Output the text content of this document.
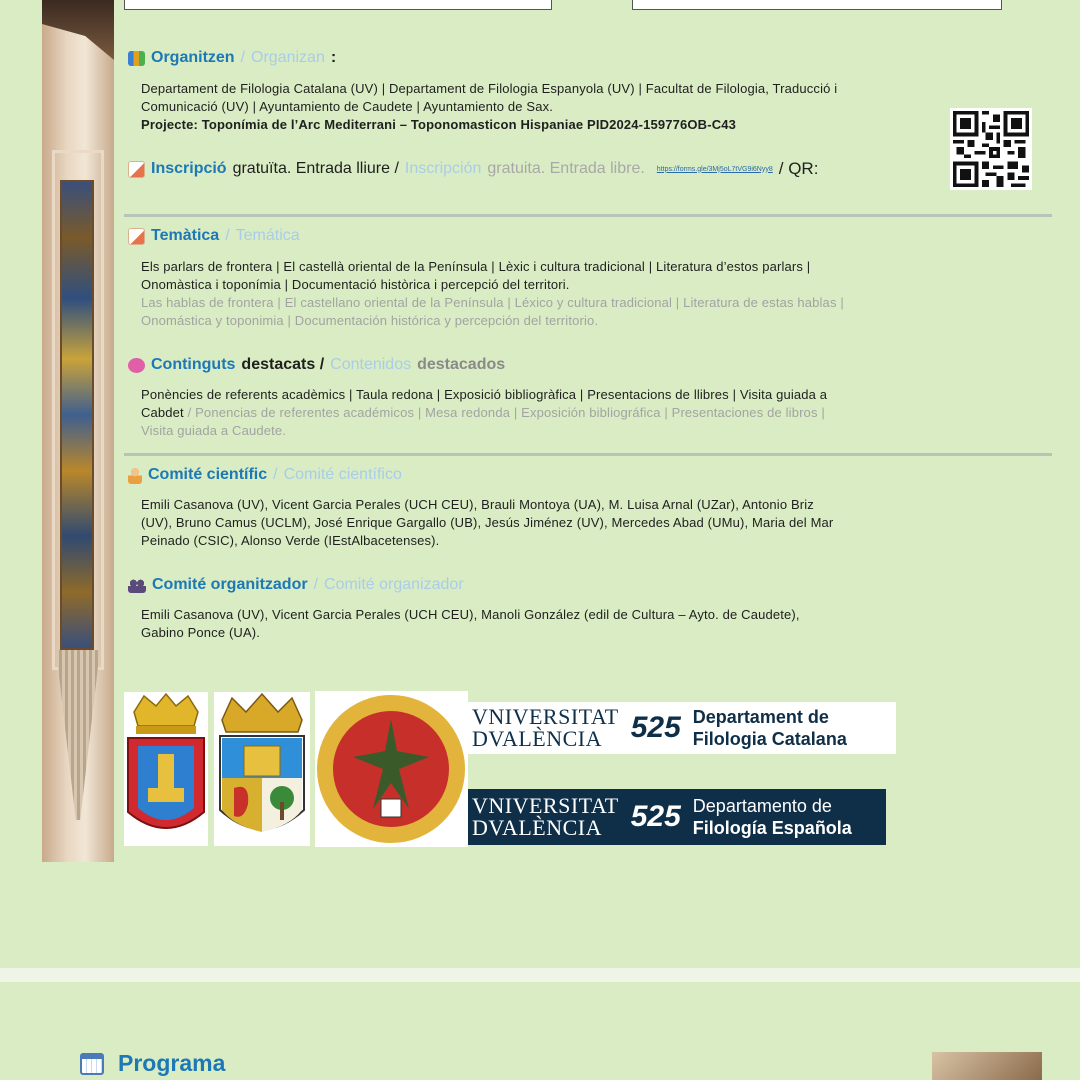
Organitzen / Organizan :
Departament de Filologia Catalana (UV) | Departament de Filologia Espanyola (UV) | Facultat de Filologia, Traducció i
Comunicació (UV) | Ayuntamiento de Caudete | Ayuntamiento de Sax.
Projecte: Toponímia de l’Arc Mediterrani – Toponomasticon Hispaniae PID2024-159776OB-C43
Inscripció gratuïta. Entrada lliure / Inscripción gratuita. Entrada libre. https://forms.gle/3Mj5oL7tVG9i6Nyy8 / QR:
Temàtica / Temática
Els parlars de frontera | El castellà oriental de la Península | Lèxic i cultura tradicional | Literatura d’estos parlars |
Onomàstica i toponímia | Documentació històrica i percepció del territori.
Las hablas de frontera | El castellano oriental de la Península | Léxico y cultura tradicional | Literatura de estas hablas |
Onomástica y toponimia | Documentación histórica y percepción del territorio.
Continguts destacats / Contenidos destacados
Ponències de referents acadèmics | Taula redona | Exposició bibliogràfica | Presentacions de llibres | Visita guiada a
Cabdet / Ponencias de referentes académicos | Mesa redonda | Exposición bibliográfica | Presentaciones de libros |
Visita guiada a Caudete.
Comité científic / Comité científico
Emili Casanova (UV), Vicent Garcia Perales (UCH CEU), Brauli Montoya (UA), M. Luisa Arnal (UZar), Antonio Briz
(UV), Bruno Camus (UCLM), José Enrique Gargallo (UB), Jesús Jiménez (UV), Mercedes Abad (UMu), Maria del Mar
Peinado (CSIC), Alonso Verde (IEstAlbacetenses).
Comité organitzador / Comité organizador
Emili Casanova (UV), Vicent Garcia Perales (UCH CEU), Manoli González (edil de Cultura – Ayto. de Caudete),
Gabino Ponce (UA).
VNIVERSITAT
DVALÈNCIA 525 Departament de
Filologia Catalana
VNIVERSITAT
DVALÈNCIA 525 Departamento de
Filología Española
Programa
